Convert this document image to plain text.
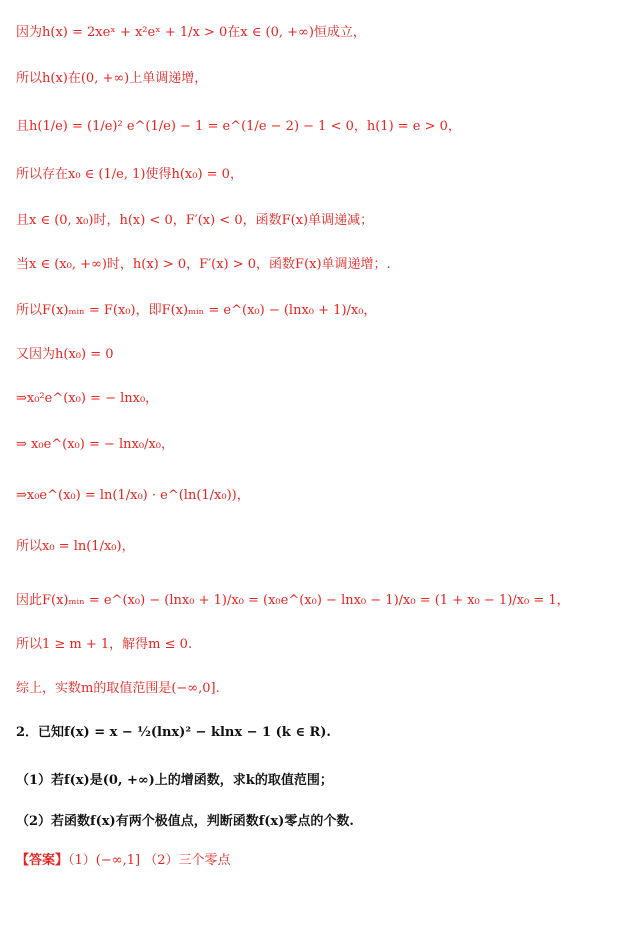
因为h(x) = 2xeˣ + x²eˣ + 1/x > 0在x ∈ (0, +∞)恒成立，
所以h(x)在(0, +∞)上单调递增，
且h(1/e) = (1/e)² e^(1/e) − 1 = e^(1/e − 2) − 1 < 0，h(1) = e > 0，
所以存在x₀ ∈ (1/e, 1)使得h(x₀) = 0，
且x ∈ (0, x₀)时，h(x) < 0，F′(x) < 0，函数F(x)单调递减；
当x ∈ (x₀, +∞)时，h(x) > 0，F′(x) > 0，函数F(x)单调递增；.
所以F(x)ₘᵢₙ = F(x₀)，即F(x)ₘᵢₙ = e^(x₀) − (lnx₀ + 1)/x₀，
又因为h(x₀) = 0
⇒x₀²e^(x₀) = − lnx₀，
⇒ x₀e^(x₀) = − lnx₀/x₀，
⇒x₀e^(x₀) = ln(1/x₀) · e^(ln(1/x₀))，
所以x₀ = ln(1/x₀)，
因此F(x)ₘᵢₙ = e^(x₀) − (lnx₀ + 1)/x₀ = (x₀e^(x₀) − lnx₀ − 1)/x₀ = (1 + x₀ − 1)/x₀ = 1，
所以1 ≥ m + 1，解得m ≤ 0.
综上，实数m的取值范围是(−∞,0].
2．已知f(x) = x − ½(lnx)² − klnx − 1 (k ∈ R).
（1）若f(x)是(0, +∞)上的增函数，求k的取值范围；
（2）若函数f(x)有两个极值点，判断函数f(x)零点的个数.
【答案】（1）(−∞,1] （2）三个零点
